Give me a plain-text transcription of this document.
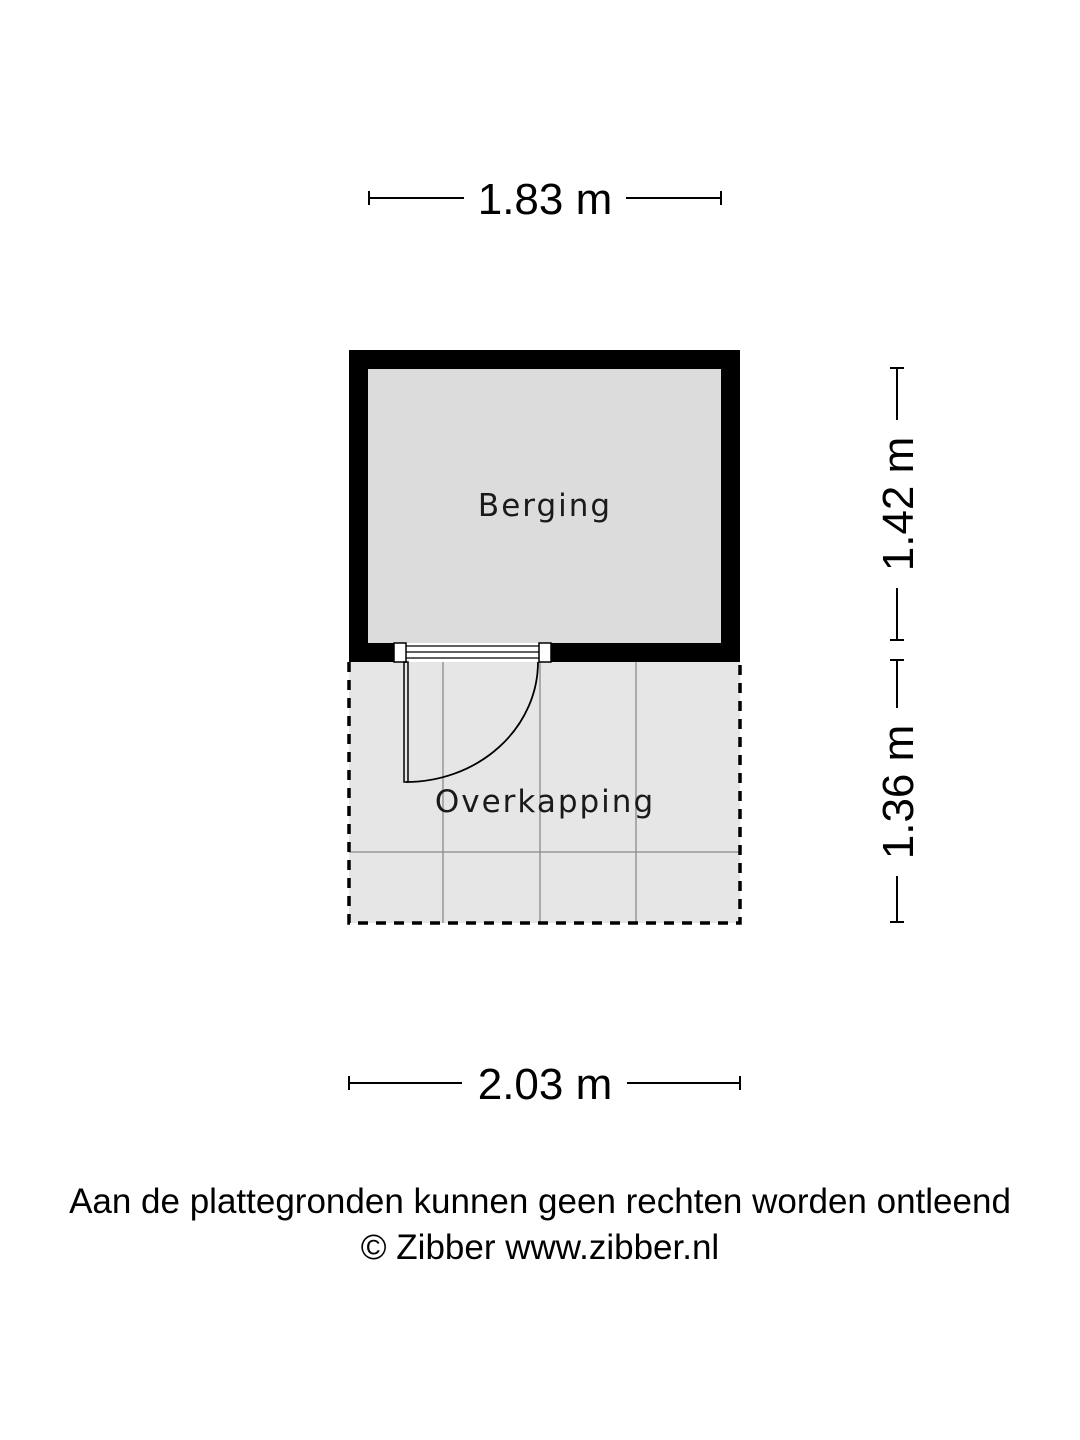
1.83 m
Berging
Overkapping
1.42 m
1.36 m
2.03 m
Aan de plattegronden kunnen geen rechten worden ontleend
© Zibber www.zibber.nl
